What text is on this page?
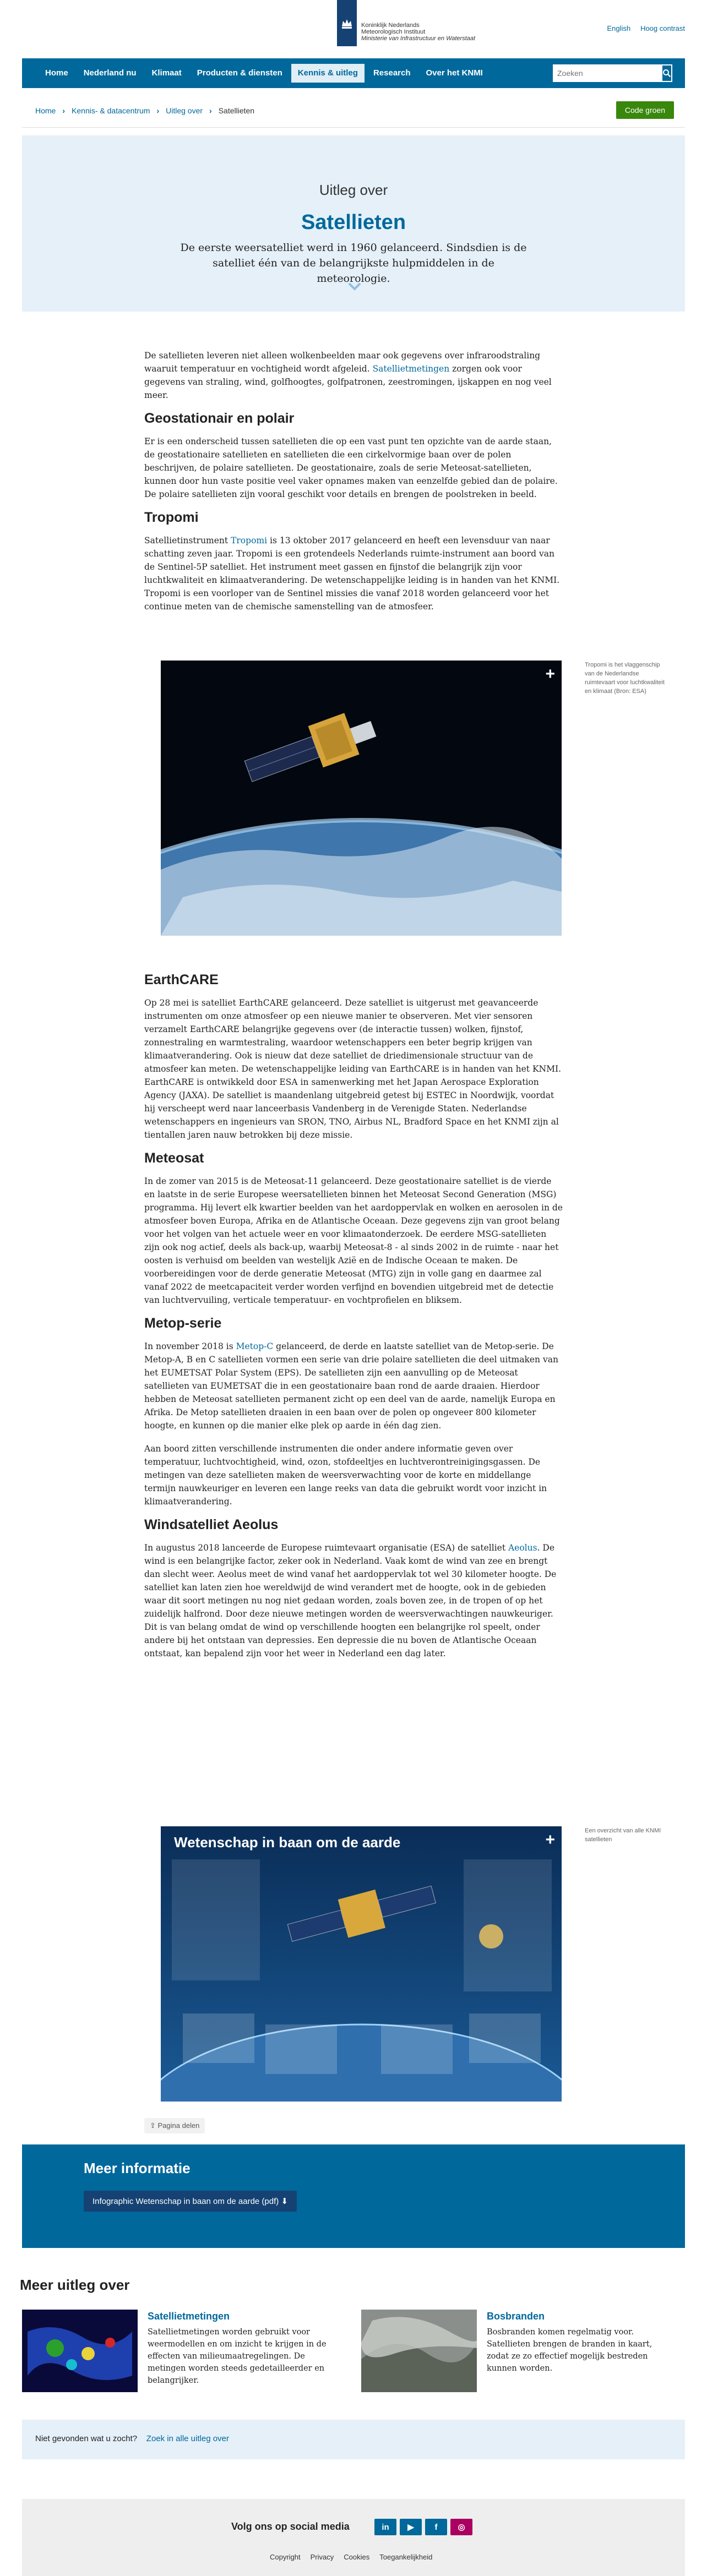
Koninklijk Nederlands
Meteorologisch Instituut
Ministerie van Infrastructuur en Waterstaat
English Hoog contrast
Home	Nederland nu	Klimaat	Producten & diensten	Kennis & uitleg	Research	Over het KNMI
Zoeken
Home › Kennis- & datacentrum › Uitleg over › Satellieten	Code groen
Uitleg over
Satellieten

De eerste weersatelliet werd in 1960 gelanceerd. Sindsdien is de satelliet één van de belangrijkste hulpmiddelen in de meteorologie.

De satellieten leveren niet alleen wolkenbeelden maar ook gegevens over infraroodstraling waaruit temperatuur en vochtigheid wordt afgeleid. Satellietmetingen zorgen ook voor gegevens van straling, wind, golfhoogtes, golfpatronen, zeestromingen, ijskappen en nog veel meer.

Geostationair en polair

Er is een onderscheid tussen satellieten die op een vast punt ten opzichte van de aarde staan, de geostationaire satellieten en satellieten die een cirkelvormige baan over de polen beschrijven, de polaire satellieten. De geostationaire, zoals de serie Meteosat-satellieten, kunnen door hun vaste positie veel vaker opnames maken van eenzelfde gebied dan de polaire. De polaire satellieten zijn vooral geschikt voor details en brengen de poolstreken in beeld.

Tropomi

Satellietinstrument Tropomi is 13 oktober 2017 gelanceerd en heeft een levensduur van naar schatting zeven jaar. Tropomi is een grotendeels Nederlands ruimte-instrument aan boord van de Sentinel-5P satelliet. Het instrument meet gassen en fijnstof die belangrijk zijn voor luchtkwaliteit en klimaatverandering. De wetenschappelijke leiding is in handen van het KNMI. Tropomi is een voorloper van de Sentinel missies die vanaf 2018 worden gelanceerd voor het continue meten van de chemische samenstelling van de atmosfeer.

+	Tropomi is het vlaggenschip van de Nederlandse ruimtevaart voor luchtkwaliteit en klimaat (Bron: ESA)
EarthCARE

Op 28 mei is satelliet EarthCARE gelanceerd. Deze satelliet is uitgerust met geavanceerde instrumenten om onze atmosfeer op een nieuwe manier te observeren. Met vier sensoren verzamelt EarthCARE belangrijke gegevens over (de interactie tussen) wolken, fijnstof, zonnestraling en warmtestraling, waardoor wetenschappers een beter begrip krijgen van klimaatverandering. Ook is nieuw dat deze satelliet de driedimensionale structuur van de atmosfeer kan meten. De wetenschappelijke leiding van EarthCARE is in handen van het KNMI. EarthCARE is ontwikkeld door ESA in samenwerking met het Japan Aerospace Exploration Agency (JAXA). De satelliet is maandenlang uitgebreid getest bij ESTEC in Noordwijk, voordat hij verscheept werd naar lanceerbasis Vandenberg in de Verenigde Staten. Nederlandse wetenschappers en ingenieurs van SRON, TNO, Airbus NL, Bradford Space en het KNMI zijn al tientallen jaren nauw betrokken bij deze missie.

Meteosat

In de zomer van 2015 is de Meteosat-11 gelanceerd. Deze geostationaire satelliet is de vierde en laatste in de serie Europese weersatellieten binnen het Meteosat Second Generation (MSG) programma. Hij levert elk kwartier beelden van het aardoppervlak en wolken en aerosolen in de atmosfeer boven Europa, Afrika en de Atlantische Oceaan. Deze gegevens zijn van groot belang voor het volgen van het actuele weer en voor klimaatonderzoek. De eerdere MSG-satellieten zijn ook nog actief, deels als back-up, waarbij Meteosat-8 - al sinds 2002 in de ruimte - naar het oosten is verhuisd om beelden van westelijk Azië en de Indische Oceaan te maken. De voorbereidingen voor de derde generatie Meteosat (MTG) zijn in volle gang en daarmee zal vanaf 2022 de meetcapaciteit verder worden verfijnd en bovendien uitgebreid met de detectie van luchtvervuiling, verticale temperatuur- en vochtprofielen en bliksem.

Metop-serie

In november 2018 is Metop-C gelanceerd, de derde en laatste satelliet van de Metop-serie. De Metop-A, B en C satellieten vormen een serie van drie polaire satellieten die deel uitmaken van het EUMETSAT Polar System (EPS). De satellieten zijn een aanvulling op de Meteosat satellieten van EUMETSAT die in een geostationaire baan rond de aarde draaien. Hierdoor hebben de Meteosat satellieten permanent zicht op een deel van de aarde, namelijk Europa en Afrika. De Metop satellieten draaien in een baan over de polen op ongeveer 800 kilometer hoogte, en kunnen op die manier elke plek op aarde in één dag zien.

Aan boord zitten verschillende instrumenten die onder andere informatie geven over temperatuur, luchtvochtigheid, wind, ozon, stofdeeltjes en luchtverontreinigingsgassen. De metingen van deze satellieten maken de weersverwachting voor de korte en middellange termijn nauwkeuriger en leveren een lange reeks van data die gebruikt wordt voor inzicht in klimaatverandering.

Windsatelliet Aeolus

In augustus 2018 lanceerde de Europese ruimtevaart organisatie (ESA) de satelliet Aeolus. De wind is een belangrijke factor, zeker ook in Nederland. Vaak komt de wind van zee en brengt dan slecht weer. Aeolus meet de wind vanaf het aardoppervlak tot wel 30 kilometer hoogte. De satelliet kan laten zien hoe wereldwijd de wind verandert met de hoogte, ook in de gebieden waar dit soort metingen nu nog niet gedaan worden, zoals boven zee, in de tropen of op het zuidelijk halfrond. Door deze nieuwe metingen worden de weersverwachtingen nauwkeuriger. Dit is van belang omdat de wind op verschillende hoogten een belangrijke rol speelt, onder andere bij het ontstaan van depressies. Een depressie die nu boven de Atlantische Oceaan ontstaat, kan bepalend zijn voor het weer in Nederland een dag later.

Wetenschap in baan om de aarde	+	Een overzicht van alle KNMI satellieten
⇪ Pagina delen
Meer informatie
Infographic Wetenschap in baan om de aarde (pdf) ⬇
Meer uitleg over
Satellietmetingen

Satellietmetingen worden gebruikt voor weermodellen en om inzicht te krijgen in de effecten van milieumaatregelingen. De metingen worden steeds gedetailleerder en belangrijker.

Bosbranden

Bosbranden komen regelmatig voor. Satellieten brengen de branden in kaart, zodat ze zo effectief mogelijk bestreden kunnen worden.

Niet gevonden wat u zocht? Zoek in alle uitleg over
Volg ons op social media	in	▶	f	◎
Copyright Privacy Cookies Toegankelijkheid
